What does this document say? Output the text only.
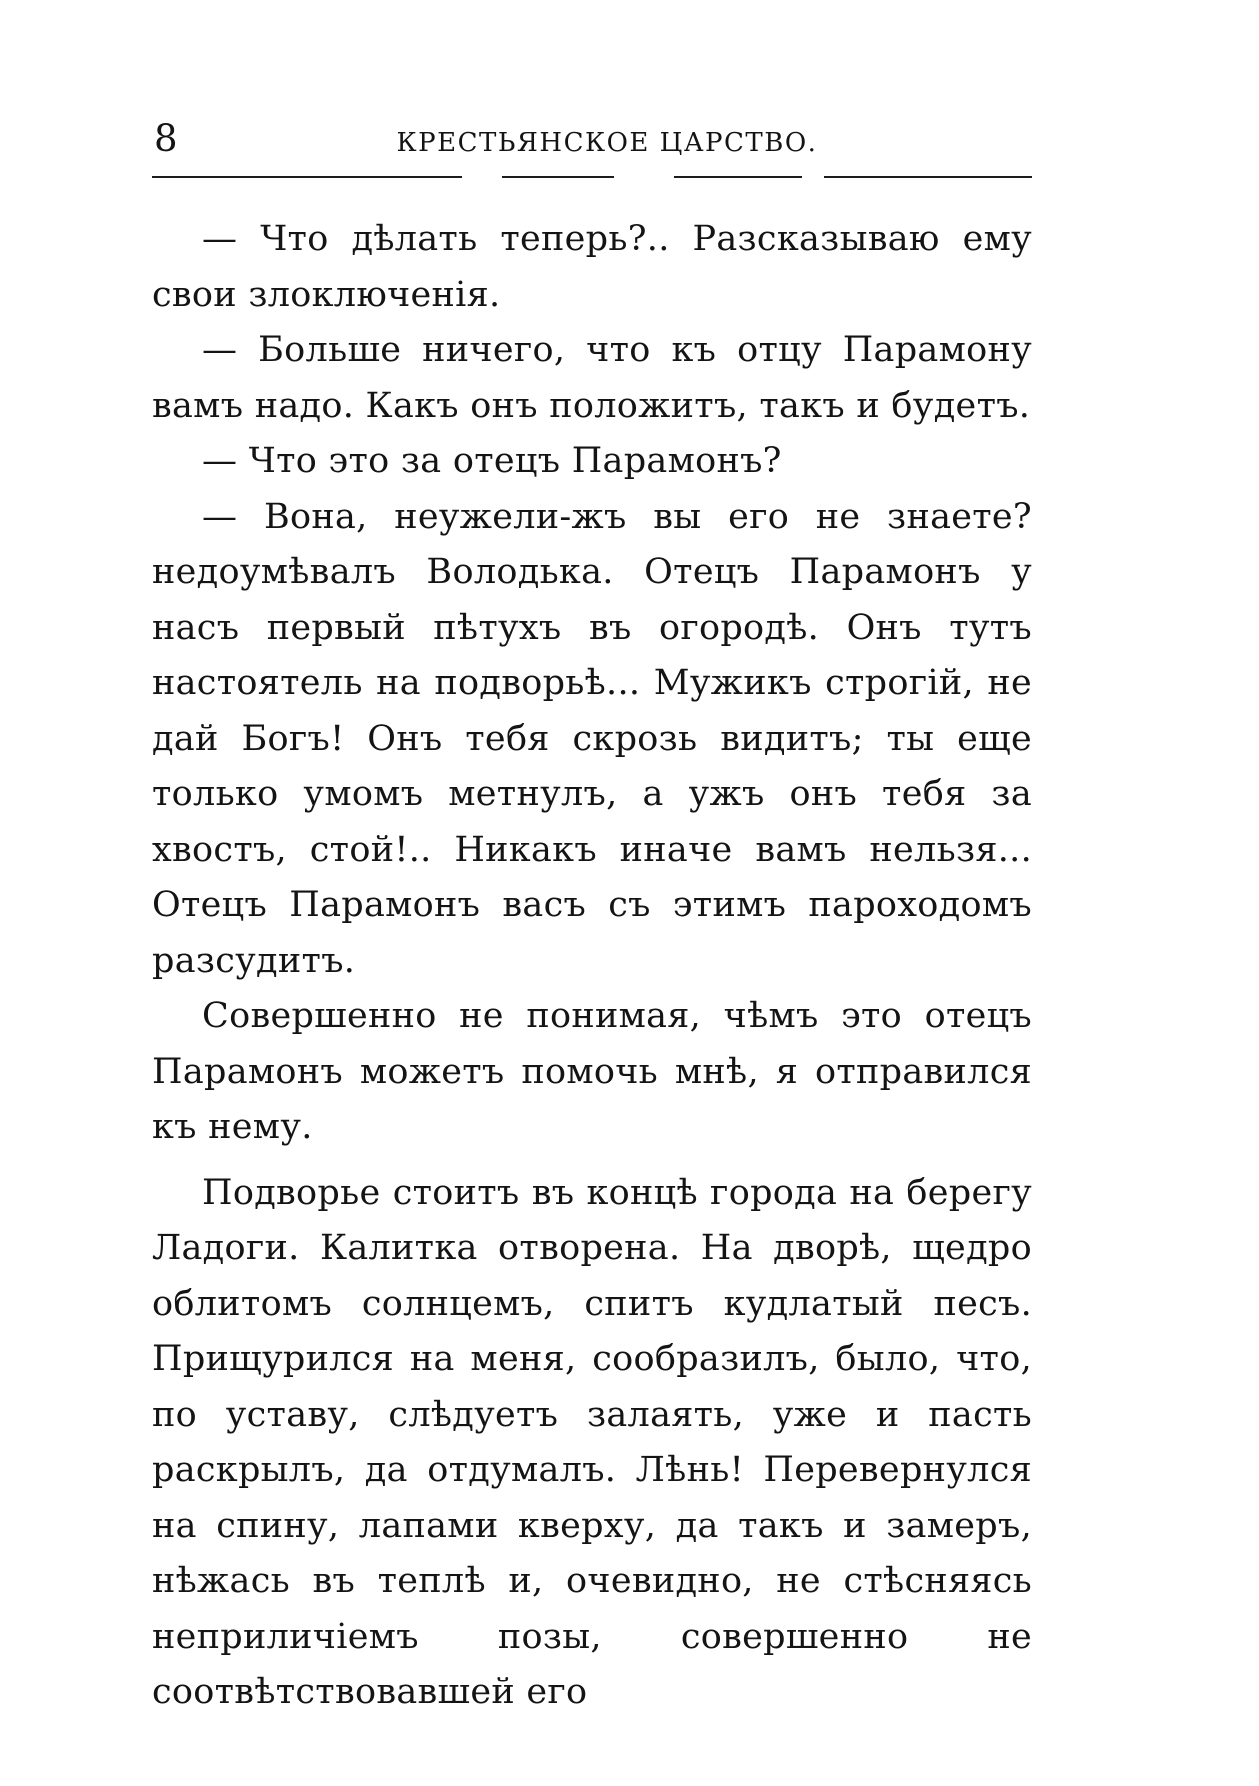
8	КРЕСТЬЯНСКОЕ ЦАРСТВО.

— Что дѣлать теперь?.. Разсказываю ему свои злоключенія.

— Больше ничего, что къ отцу Парамону вамъ надо. Какъ онъ положитъ, такъ и будетъ.

— Что это за отецъ Парамонъ?

— Вона, неужели-жъ вы его не знаете? недоумѣвалъ Володька. Отецъ Парамонъ у насъ первый пѣтухъ въ огородѣ. Онъ тутъ настоятель на подворьѣ... Мужикъ строгій, не дай Богъ! Онъ тебя скрозь видитъ; ты еще только умомъ метнулъ, а ужъ онъ тебя за хвостъ, стой!.. Никакъ иначе вамъ нельзя... Отецъ Парамонъ васъ съ этимъ пароходомъ разсудитъ.

Совершенно не понимая, чѣмъ это отецъ Парамонъ можетъ помочь мнѣ, я отправился къ нему.

Подворье стоитъ въ концѣ города на берегу Ладоги. Калитка отворена. На дворѣ, щедро облитомъ солнцемъ, спитъ кудлатый песъ. Прищурился на меня, сообразилъ, было, что, по уставу, слѣдуетъ залаять, уже и пасть раскрылъ, да отдумалъ. Лѣнь! Перевернулся на спину, лапами кверху, да такъ и замеръ, нѣжась въ теплѣ и, очевидно, не стѣсняясь неприличіемъ позы, совершенно не соотвѣтствовавшей его
